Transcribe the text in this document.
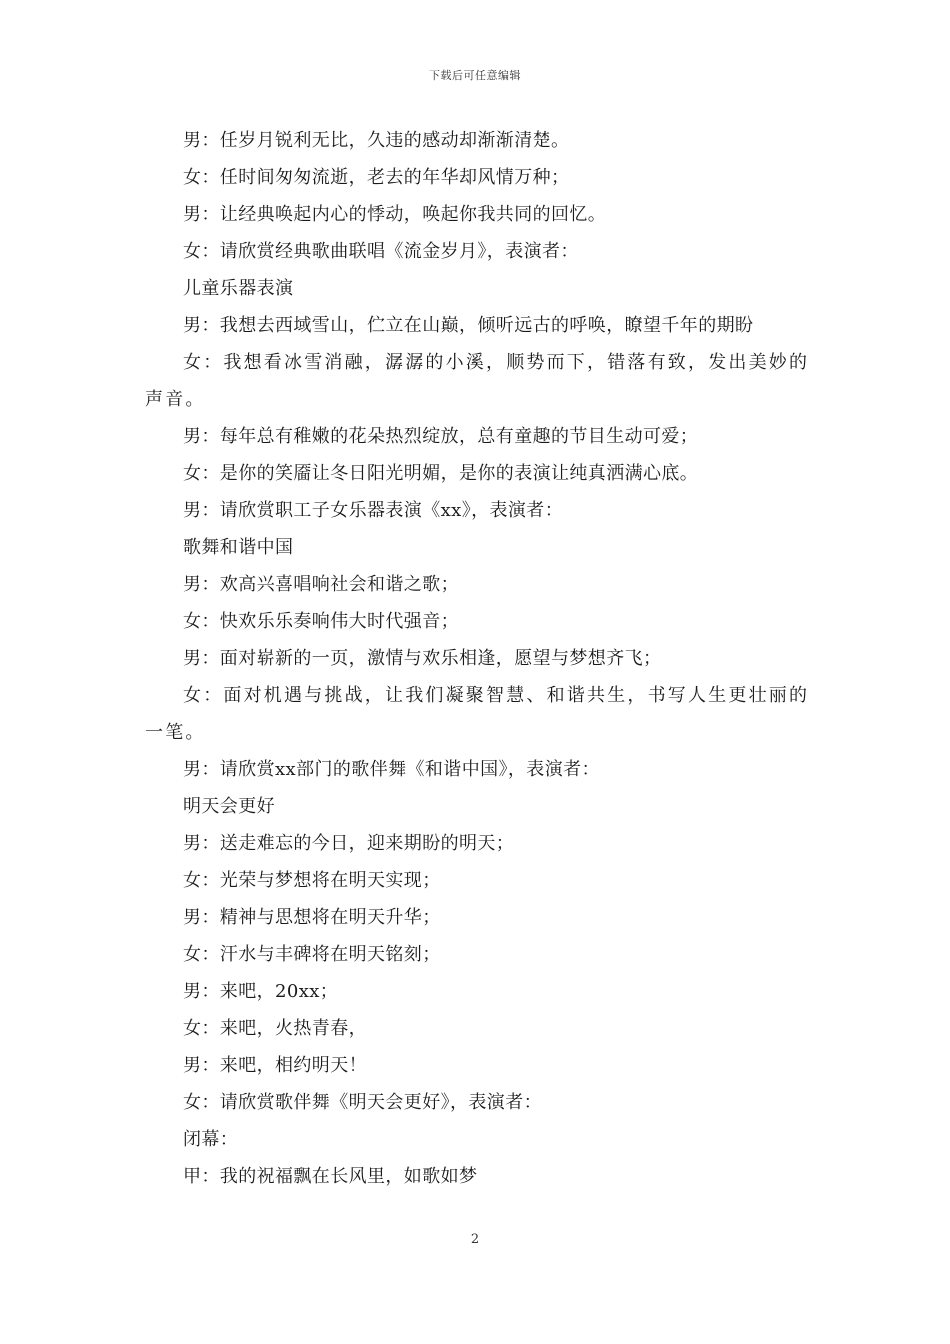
下载后可任意编辑

男：任岁月锐利无比，久违的感动却渐渐清楚。

女：任时间匆匆流逝，老去的年华却风情万种；

男：让经典唤起内心的悸动，唤起你我共同的回忆。

女：请欣赏经典歌曲联唱《流金岁月》，表演者：

儿童乐器表演

男：我想去西域雪山，伫立在山巅，倾听远古的呼唤，瞭望千年的期盼

女：我想看冰雪消融，潺潺的小溪，顺势而下，错落有致，发出美妙的声音。

男：每年总有稚嫩的花朵热烈绽放，总有童趣的节目生动可爱；

女：是你的笑靥让冬日阳光明媚，是你的表演让纯真洒满心底。

男：请欣赏职工子女乐器表演《xx》，表演者：

歌舞和谐中国

男：欢高兴喜唱响社会和谐之歌；

女：快欢乐乐奏响伟大时代强音；

男：面对崭新的一页，激情与欢乐相逢，愿望与梦想齐飞；

女：面对机遇与挑战，让我们凝聚智慧、和谐共生，书写人生更壮丽的一笔。

男：请欣赏xx部门的歌伴舞《和谐中国》，表演者：

明天会更好

男：送走难忘的今日，迎来期盼的明天；

女：光荣与梦想将在明天实现；

男：精神与思想将在明天升华；

女：汗水与丰碑将在明天铭刻；

男：来吧，20xx；

女：来吧，火热青春，

男：来吧，相约明天！

女：请欣赏歌伴舞《明天会更好》，表演者：

闭幕：

甲：我的祝福飘在长风里，如歌如梦

2
